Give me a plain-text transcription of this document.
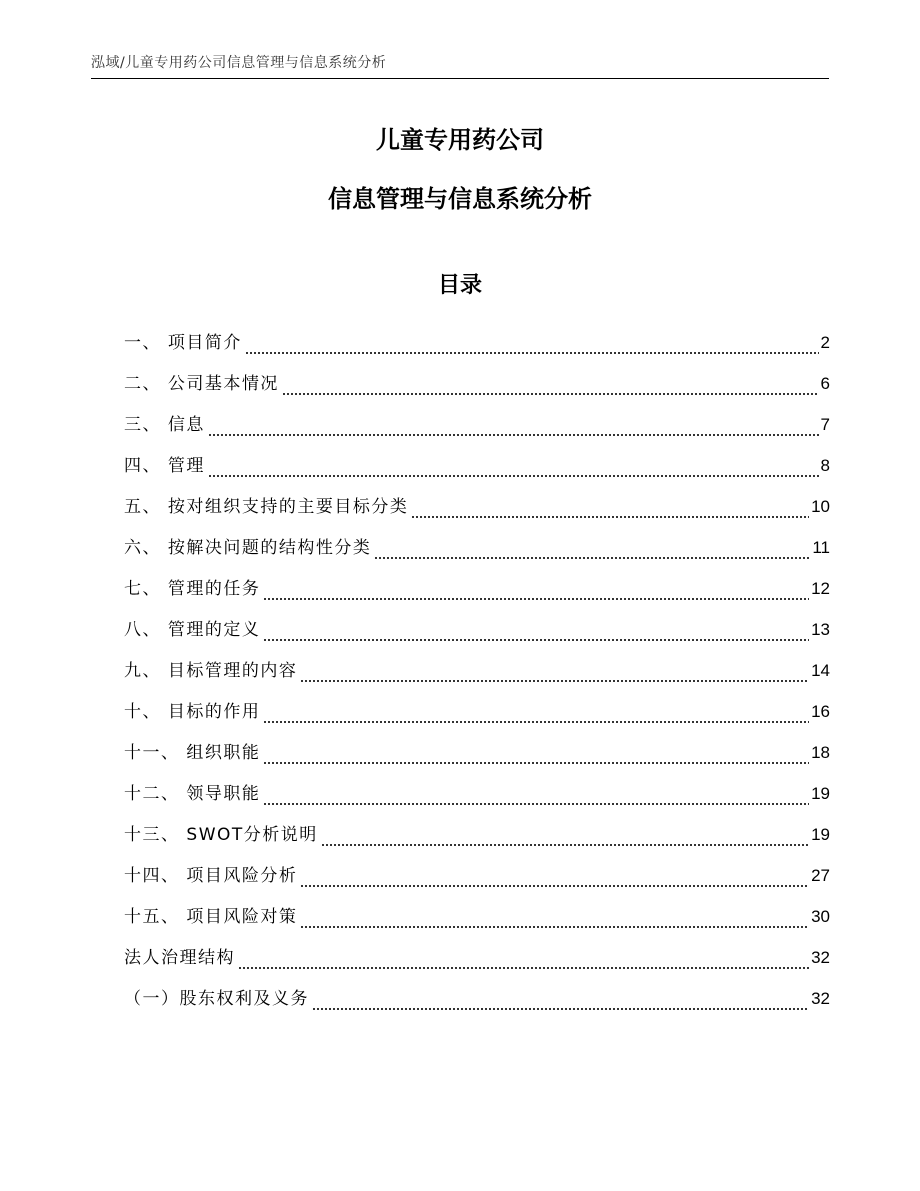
泓域/儿童专用药公司信息管理与信息系统分析
儿童专用药公司
信息管理与信息系统分析
目录
一、 项目简介	2
二、 公司基本情况	6
三、 信息	7
四、 管理	8
五、 按对组织支持的主要目标分类	10
六、 按解决问题的结构性分类	11
七、 管理的任务	12
八、 管理的定义	13
九、 目标管理的内容	14
十、 目标的作用	16
十一、 组织职能	18
十二、 领导职能	19
十三、 SWOT分析说明	19
十四、 项目风险分析	27
十五、 项目风险对策	30
法人治理结构	32
（一）股东权利及义务	32
